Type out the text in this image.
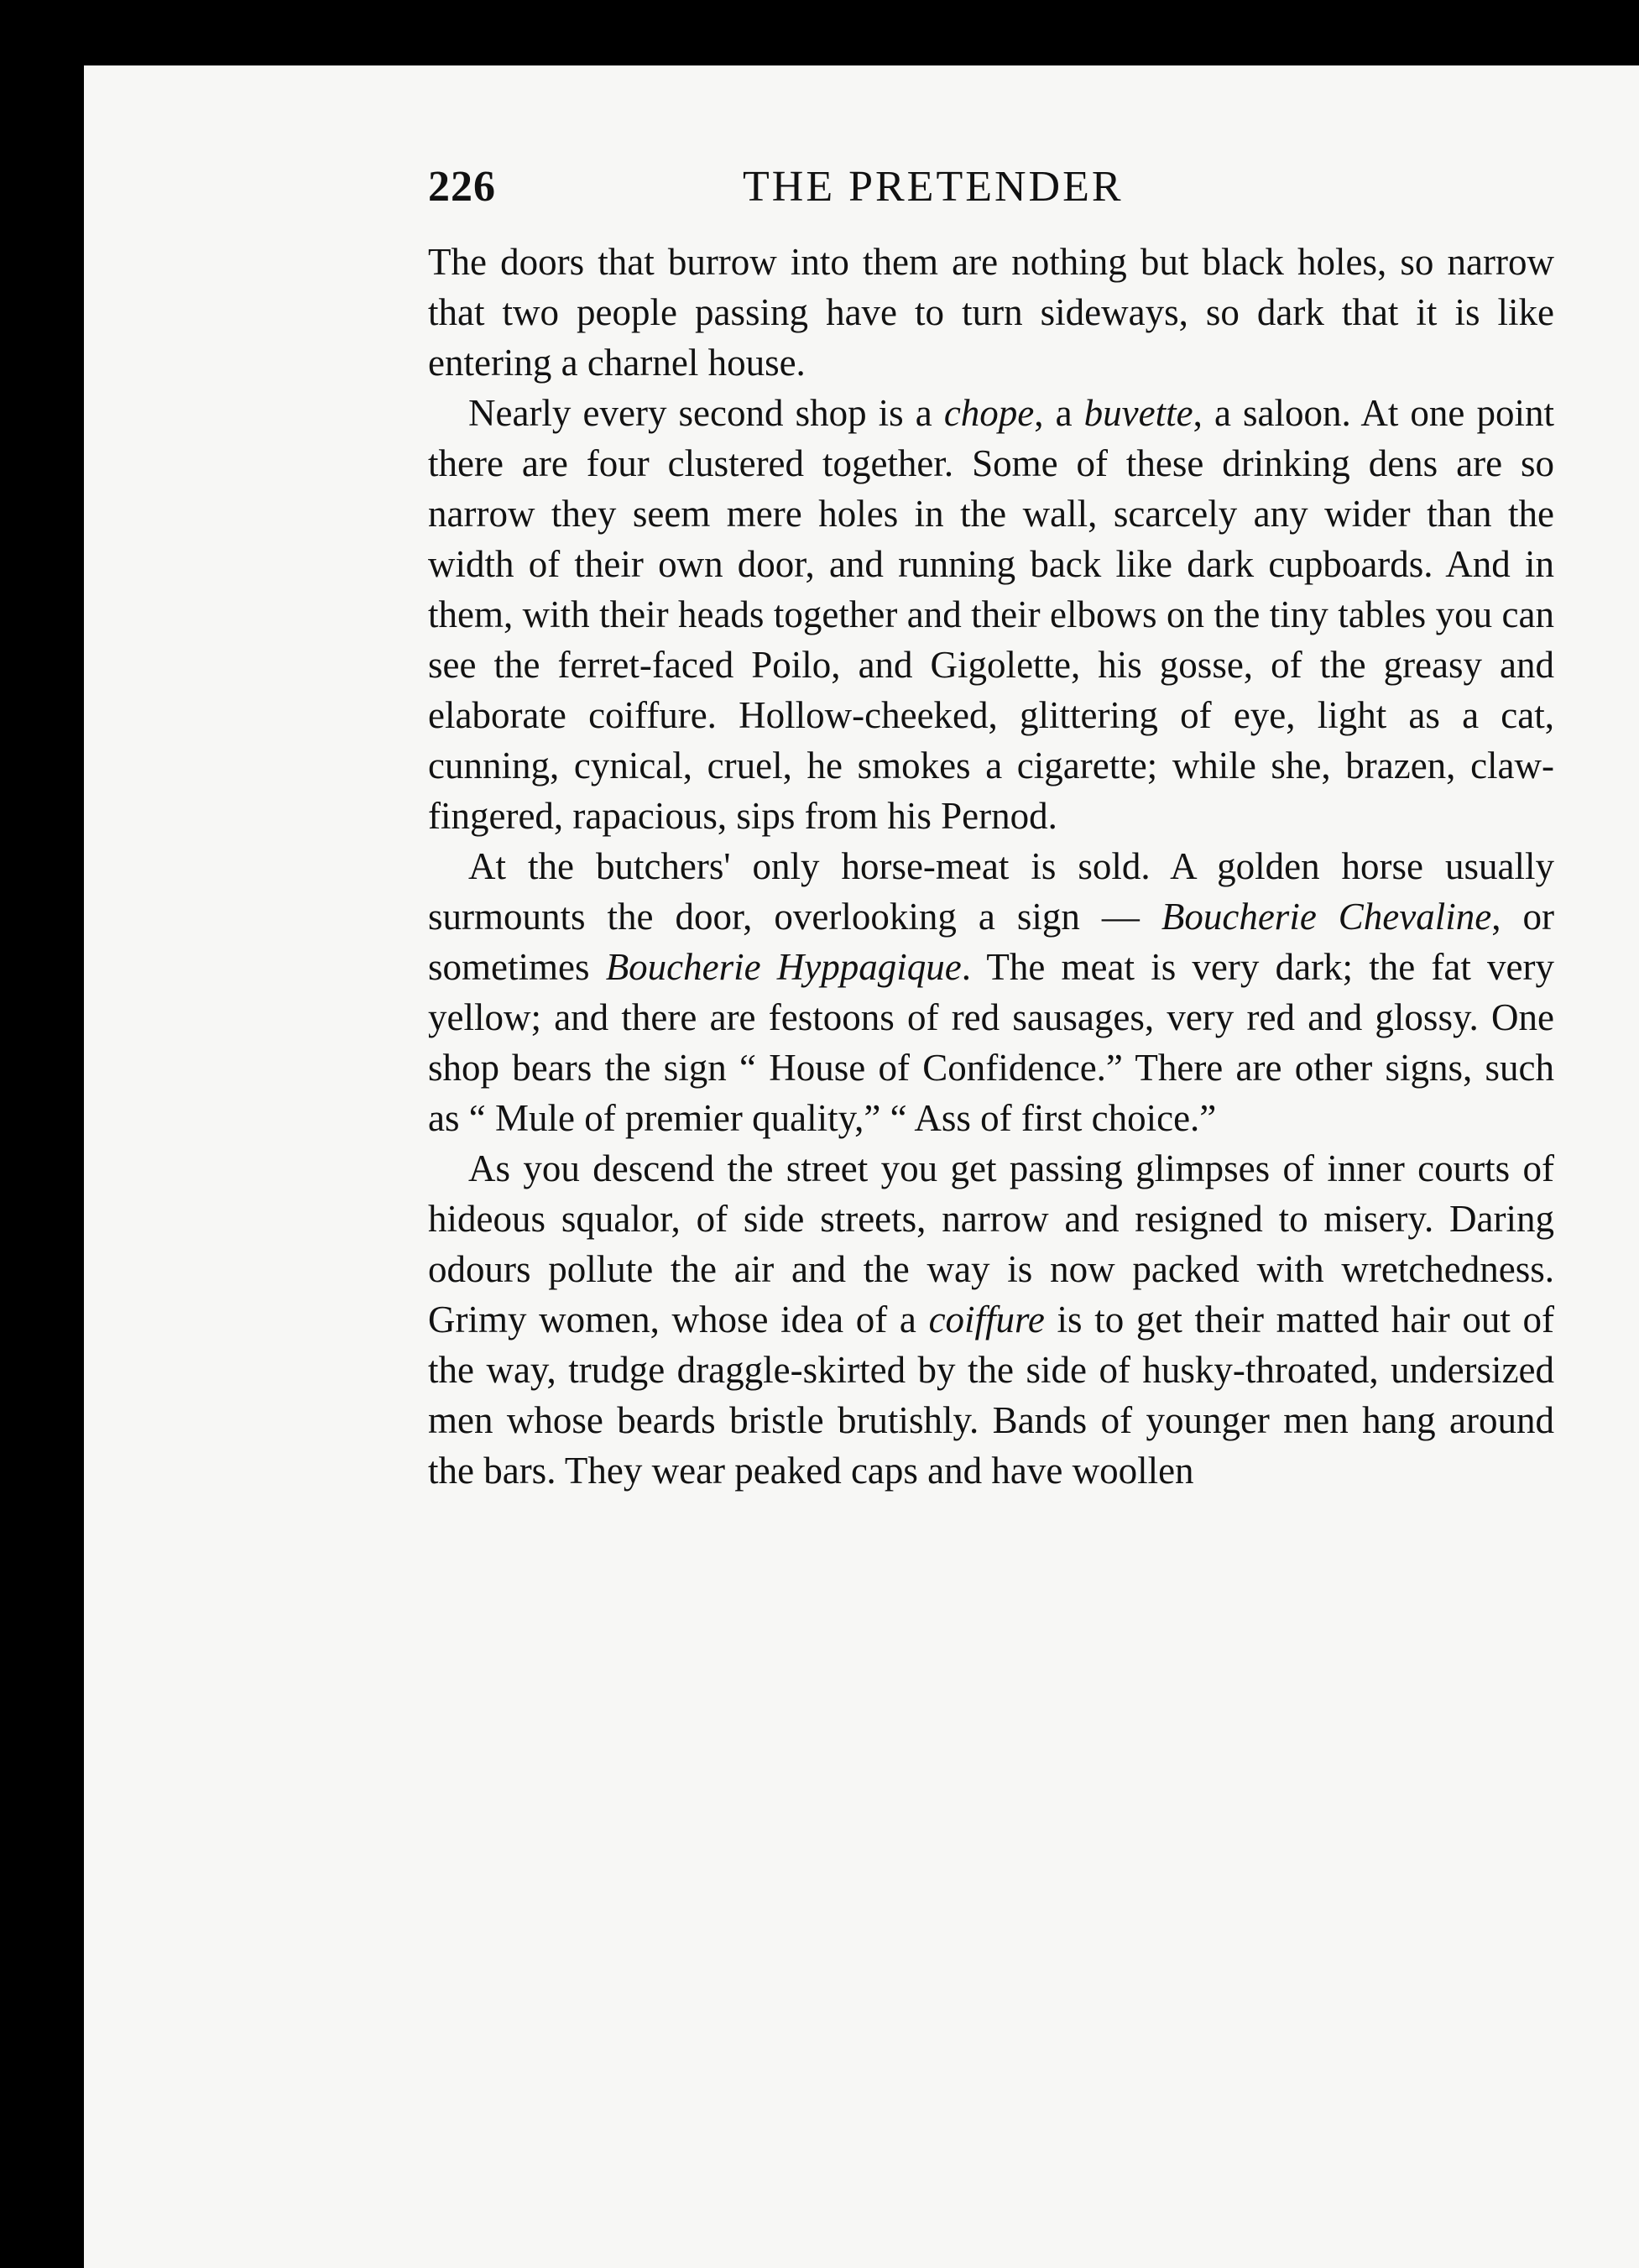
226	THE PRETENDER

The doors that burrow into them are nothing but black holes, so narrow that two people passing have to turn sideways, so dark that it is like entering a charnel house.

Nearly every second shop is a chope, a buvette, a saloon. At one point there are four clustered together. Some of these drinking dens are so narrow they seem mere holes in the wall, scarcely any wider than the width of their own door, and running back like dark cupboards. And in them, with their heads together and their elbows on the tiny tables you can see the ferret-faced Poilo, and Gigolette, his gosse, of the greasy and elaborate coiffure. Hollow-cheeked, glittering of eye, light as a cat, cunning, cynical, cruel, he smokes a cigarette; while she, brazen, claw-fingered, rapacious, sips from his Pernod.

At the butchers' only horse-meat is sold. A golden horse usually surmounts the door, overlooking a sign — Boucherie Chevaline, or sometimes Boucherie Hyppagique. The meat is very dark; the fat very yellow; and there are festoons of red sausages, very red and glossy. One shop bears the sign “ House of Confidence.” There are other signs, such as “ Mule of premier quality,” “ Ass of first choice.”

As you descend the street you get passing glimpses of inner courts of hideous squalor, of side streets, narrow and resigned to misery. Daring odours pollute the air and the way is now packed with wretchedness. Grimy women, whose idea of a coiffure is to get their matted hair out of the way, trudge draggle-skirted by the side of husky-throated, undersized men whose beards bristle brutishly. Bands of younger men hang around the bars. They wear peaked caps and have woollen
